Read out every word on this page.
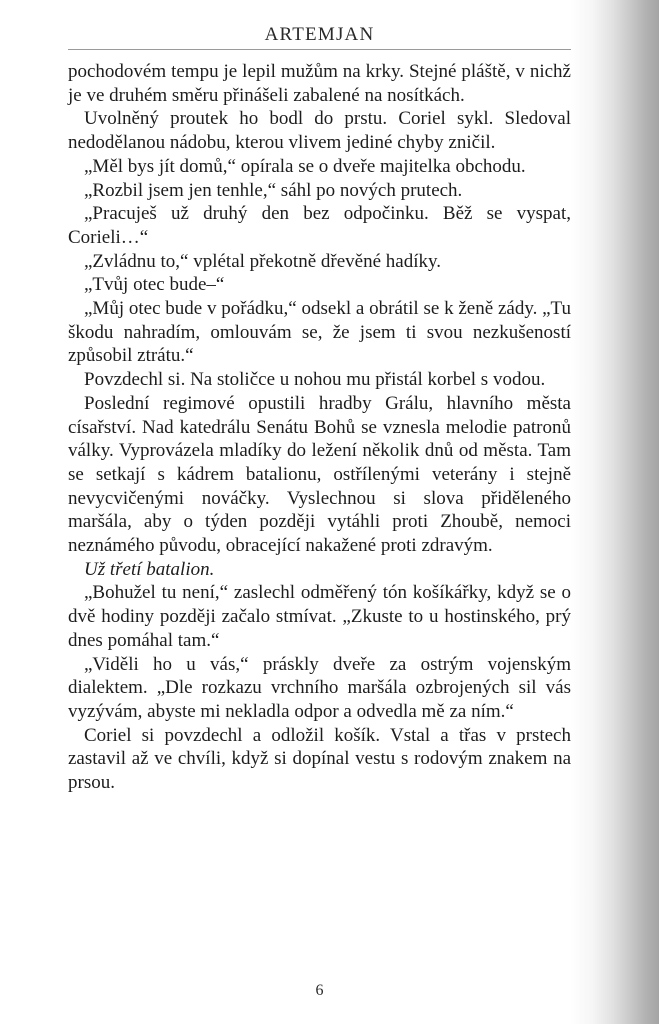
ARTEMJAN

pochodovém tempu je lepil mužům na krky. Stejné pláště, v nichž je ve druhém směru přinášeli zabalené na nosítkách.

Uvolněný proutek ho bodl do prstu. Coriel sykl. Sledoval nedodělanou nádobu, kterou vlivem jediné chyby zničil.

„Měl bys jít domů,“ opírala se o dveře majitelka obchodu.

„Rozbil jsem jen tenhle,“ sáhl po nových prutech.

„Pracuješ už druhý den bez odpočinku. Běž se vyspat, Corieli…“

„Zvládnu to,“ vplétal překotně dřevěné hadíky.

„Tvůj otec bude–“

„Můj otec bude v pořádku,“ odsekl a obrátil se k ženě zády. „Tu škodu nahradím, omlouvám se, že jsem ti svou nezkušeností způsobil ztrátu.“

Povzdechl si. Na stoličce u nohou mu přistál korbel s vodou.

Poslední regimové opustili hradby Grálu, hlavního města císařství. Nad katedrálu Senátu Bohů se vznesla melodie patronů války. Vyprovázela mladíky do ležení několik dnů od města. Tam se setkají s kádrem batalionu, ostřílenými veterány i stejně nevycvičenými nováčky. Vyslechnou si slova přiděleného maršála, aby o týden později vytáhli proti Zhoubě, nemoci neznámého původu, obracející nakažené proti zdravým.

Už třetí batalion.

„Bohužel tu není,“ zaslechl odměřený tón košíkářky, když se o dvě hodiny později začalo stmívat. „Zkuste to u hostinského, prý dnes pomáhal tam.“

„Viděli ho u vás,“ práskly dveře za ostrým vojenským dialektem. „Dle rozkazu vrchního maršála ozbrojených sil vás vyzývám, abyste mi nekladla odpor a odvedla mě za ním.“

Coriel si povzdechl a odložil košík. Vstal a třas v prstech zastavil až ve chvíli, když si dopínal vestu s rodovým znakem na prsou.

6
